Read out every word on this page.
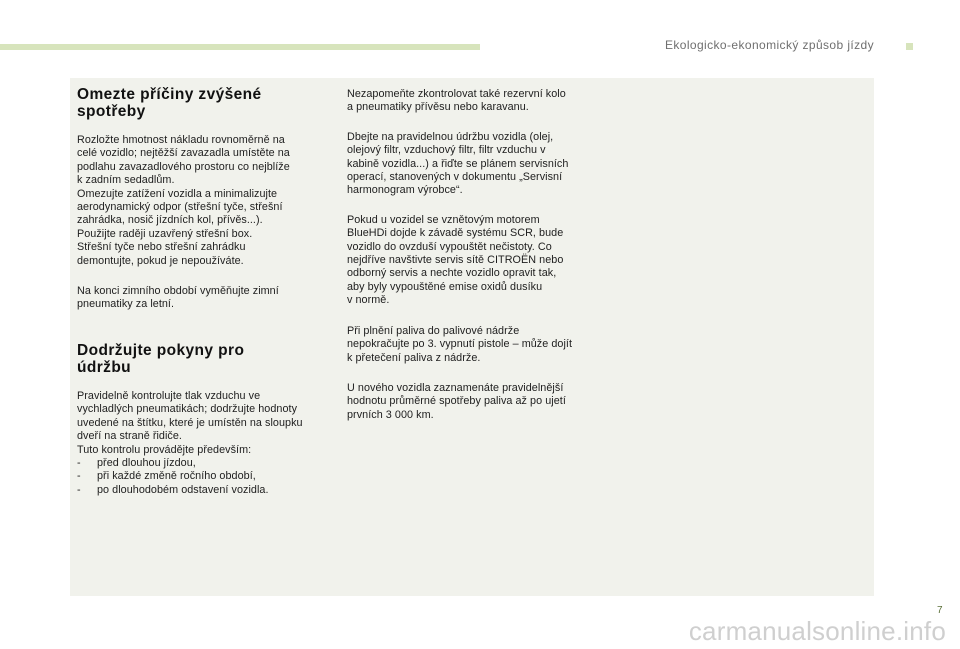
Ekologicko-ekonomický způsob jízdy
Omezte příčiny zvýšené
spotřeby

Rozložte hmotnost nákladu rovnoměrně na
celé vozidlo; nejtěžší zavazadla umístěte na
podlahu zavazadlového prostoru co nejblíže
k zadním sedadlům.
Omezujte zatížení vozidla a minimalizujte
aerodynamický odpor (střešní tyče, střešní
zahrádka, nosič jízdních kol, přívěs...).
Použijte raději uzavřený střešní box.
Střešní tyče nebo střešní zahrádku
demontujte, pokud je nepoužíváte.

Na konci zimního období vyměňujte zimní
pneumatiky za letní.

Dodržujte pokyny pro
údržbu

Pravidelně kontrolujte tlak vzduchu ve
vychladlých pneumatikách; dodržujte hodnoty
uvedené na štítku, které je umístěn na sloupku
dveří na straně řidiče.
Tuto kontrolu provádějte především:
- před dlouhou jízdou,
- při každé změně ročního období,
- po dlouhodobém odstavení vozidla.

Nezapomeňte zkontrolovat také rezervní kolo
a pneumatiky přívěsu nebo karavanu.

Dbejte na pravidelnou údržbu vozidla (olej,
olejový filtr, vzduchový filtr, filtr vzduchu v
kabině vozidla...) a řiďte se plánem servisních
operací, stanovených v dokumentu „Servisní
harmonogram výrobce“.

Pokud u vozidel se vznětovým motorem
BlueHDi dojde k závadě systému SCR, bude
vozidlo do ovzduší vypouštět nečistoty. Co
nejdříve navštivte servis sítě CITROËN nebo
odborný servis a nechte vozidlo opravit tak,
aby byly vypouštěné emise oxidů dusíku
v normě.

Při plnění paliva do palivové nádrže
nepokračujte po 3. vypnutí pistole – může dojít
k přetečení paliva z nádrže.

U nového vozidla zaznamenáte pravidelnější
hodnotu průměrné spotřeby paliva až po ujetí
prvních 3 000 km.

7
carmanualsonline.info
